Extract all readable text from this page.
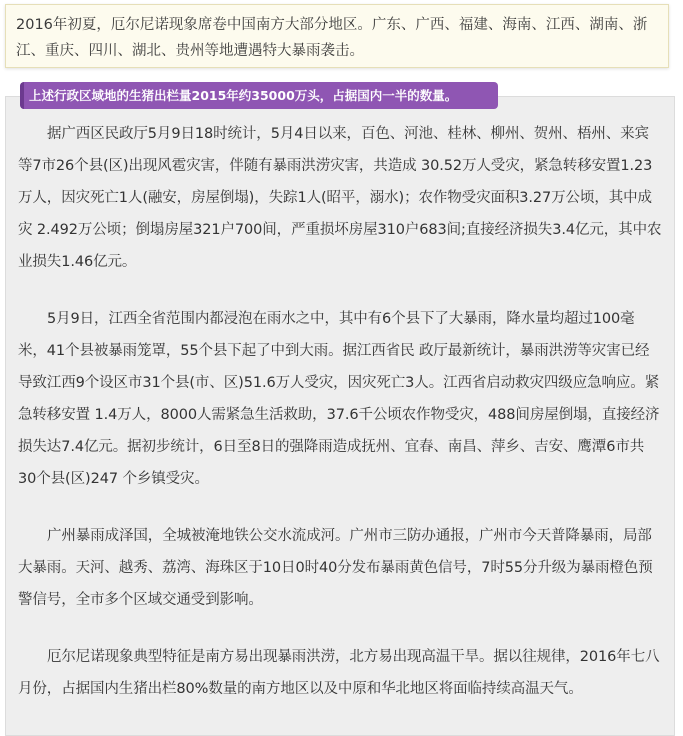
2016年初夏，厄尔尼诺现象席卷中国南方大部分地区。广东、广西、福建、海南、江西、湖南、浙江、重庆、四川、湖北、贵州等地遭遇特大暴雨袭击。

上述行政区域地的生猪出栏量2015年约35000万头，占据国内一半的数量。

据广西区民政厅5月9日18时统计，5月4日以来，百色、河池、桂林、柳州、贺州、梧州、来宾等7市26个县(区)出现风雹灾害，伴随有暴雨洪涝灾害，共造成 30.52万人受灾，紧急转移安置1.23万人，因灾死亡1人(融安，房屋倒塌)，失踪1人(昭平，溺水)；农作物受灾面积3.27万公顷，其中成灾 2.492万公顷；倒塌房屋321户700间，严重损坏房屋310户683间;直接经济损失3.4亿元，其中农业损失1.46亿元。

5月9日，江西全省范围内都浸泡在雨水之中，其中有6个县下了大暴雨，降水量均超过100毫米，41个县被暴雨笼罩，55个县下起了中到大雨。据江西省民 政厅最新统计，暴雨洪涝等灾害已经导致江西9个设区市31个县(市、区)51.6万人受灾，因灾死亡3人。江西省启动救灾四级应急响应。紧急转移安置 1.4万人，8000人需紧急生活救助，37.6千公顷农作物受灾，488间房屋倒塌，直接经济损失达7.4亿元。据初步统计，6日至8日的强降雨造成抚州、宜春、南昌、萍乡、吉安、鹰潭6市共30个县(区)247 个乡镇受灾。

广州暴雨成泽国，全城被淹地铁公交水流成河。广州市三防办通报，广州市今天普降暴雨，局部大暴雨。天河、越秀、荔湾、海珠区于10日0时40分发布暴雨黄色信号，7时55分升级为暴雨橙色预警信号，全市多个区域交通受到影响。

厄尔尼诺现象典型特征是南方易出现暴雨洪涝，北方易出现高温干旱。据以往规律，2016年七八月份，占据国内生猪出栏80%数量的南方地区以及中原和华北地区将面临持续高温天气。
